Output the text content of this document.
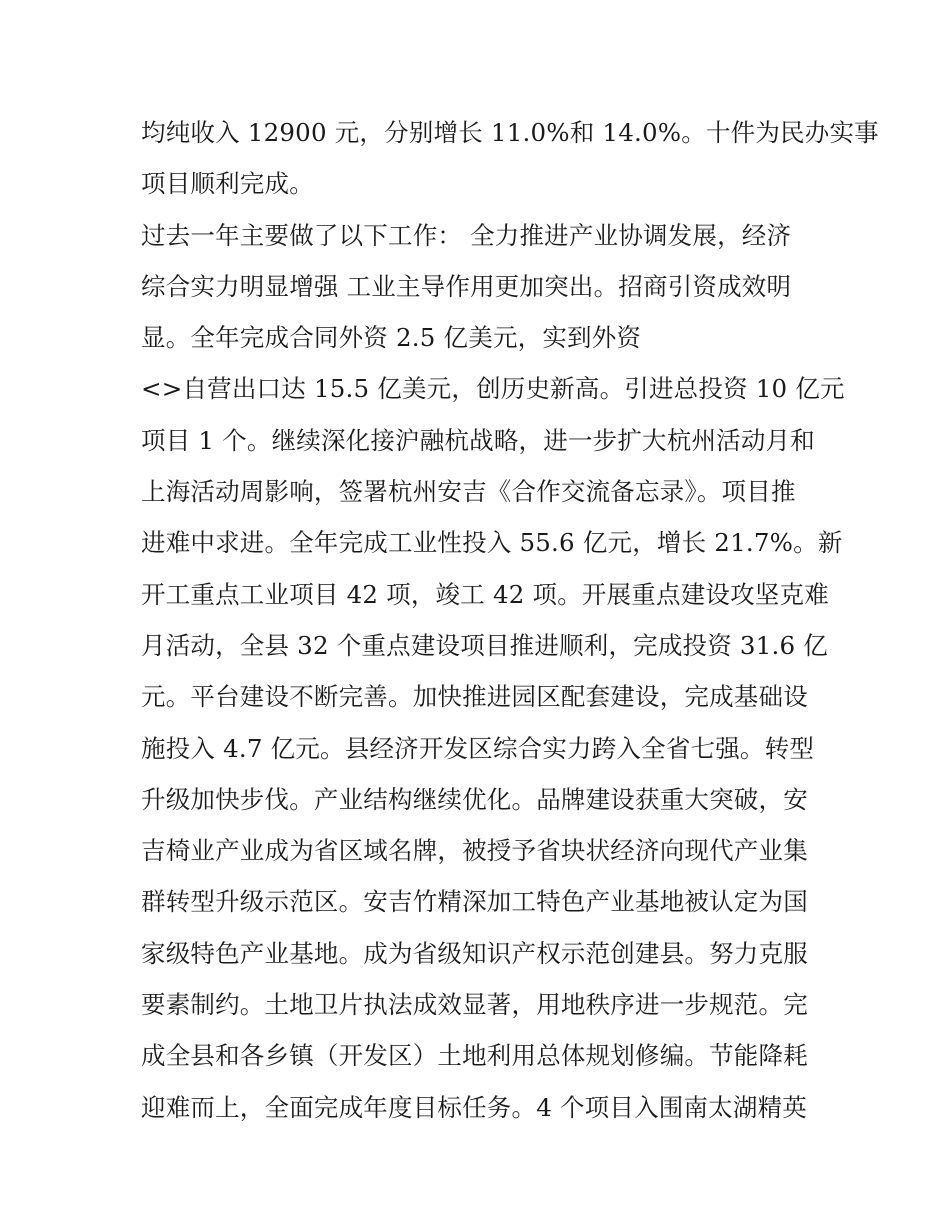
均纯收入 12900 元，分别增长 11.0%和 14.0%。十件为民办实事
项目顺利完成。
过去一年主要做了以下工作： 全力推进产业协调发展，经济
综合实力明显增强 工业主导作用更加突出。招商引资成效明
显。全年完成合同外资 2.5 亿美元，实到外资
<>自营出口达 15.5 亿美元，创历史新高。引进总投资 10 亿元
项目 1 个。继续深化接沪融杭战略，进一步扩大杭州活动月和
上海活动周影响，签署杭州安吉《合作交流备忘录》。项目推
进难中求进。全年完成工业性投入 55.6 亿元，增长 21.7%。新
开工重点工业项目 42 项，竣工 42 项。开展重点建设攻坚克难
月活动，全县 32 个重点建设项目推进顺利，完成投资 31.6 亿
元。平台建设不断完善。加快推进园区配套建设，完成基础设
施投入 4.7 亿元。县经济开发区综合实力跨入全省七强。转型
升级加快步伐。产业结构继续优化。品牌建设获重大突破，安
吉椅业产业成为省区域名牌，被授予省块状经济向现代产业集
群转型升级示范区。安吉竹精深加工特色产业基地被认定为国
家级特色产业基地。成为省级知识产权示范创建县。努力克服
要素制约。土地卫片执法成效显著，用地秩序进一步规范。完
成全县和各乡镇（开发区）土地利用总体规划修编。节能降耗
迎难而上，全面完成年度目标任务。4 个项目入围南太湖精英
